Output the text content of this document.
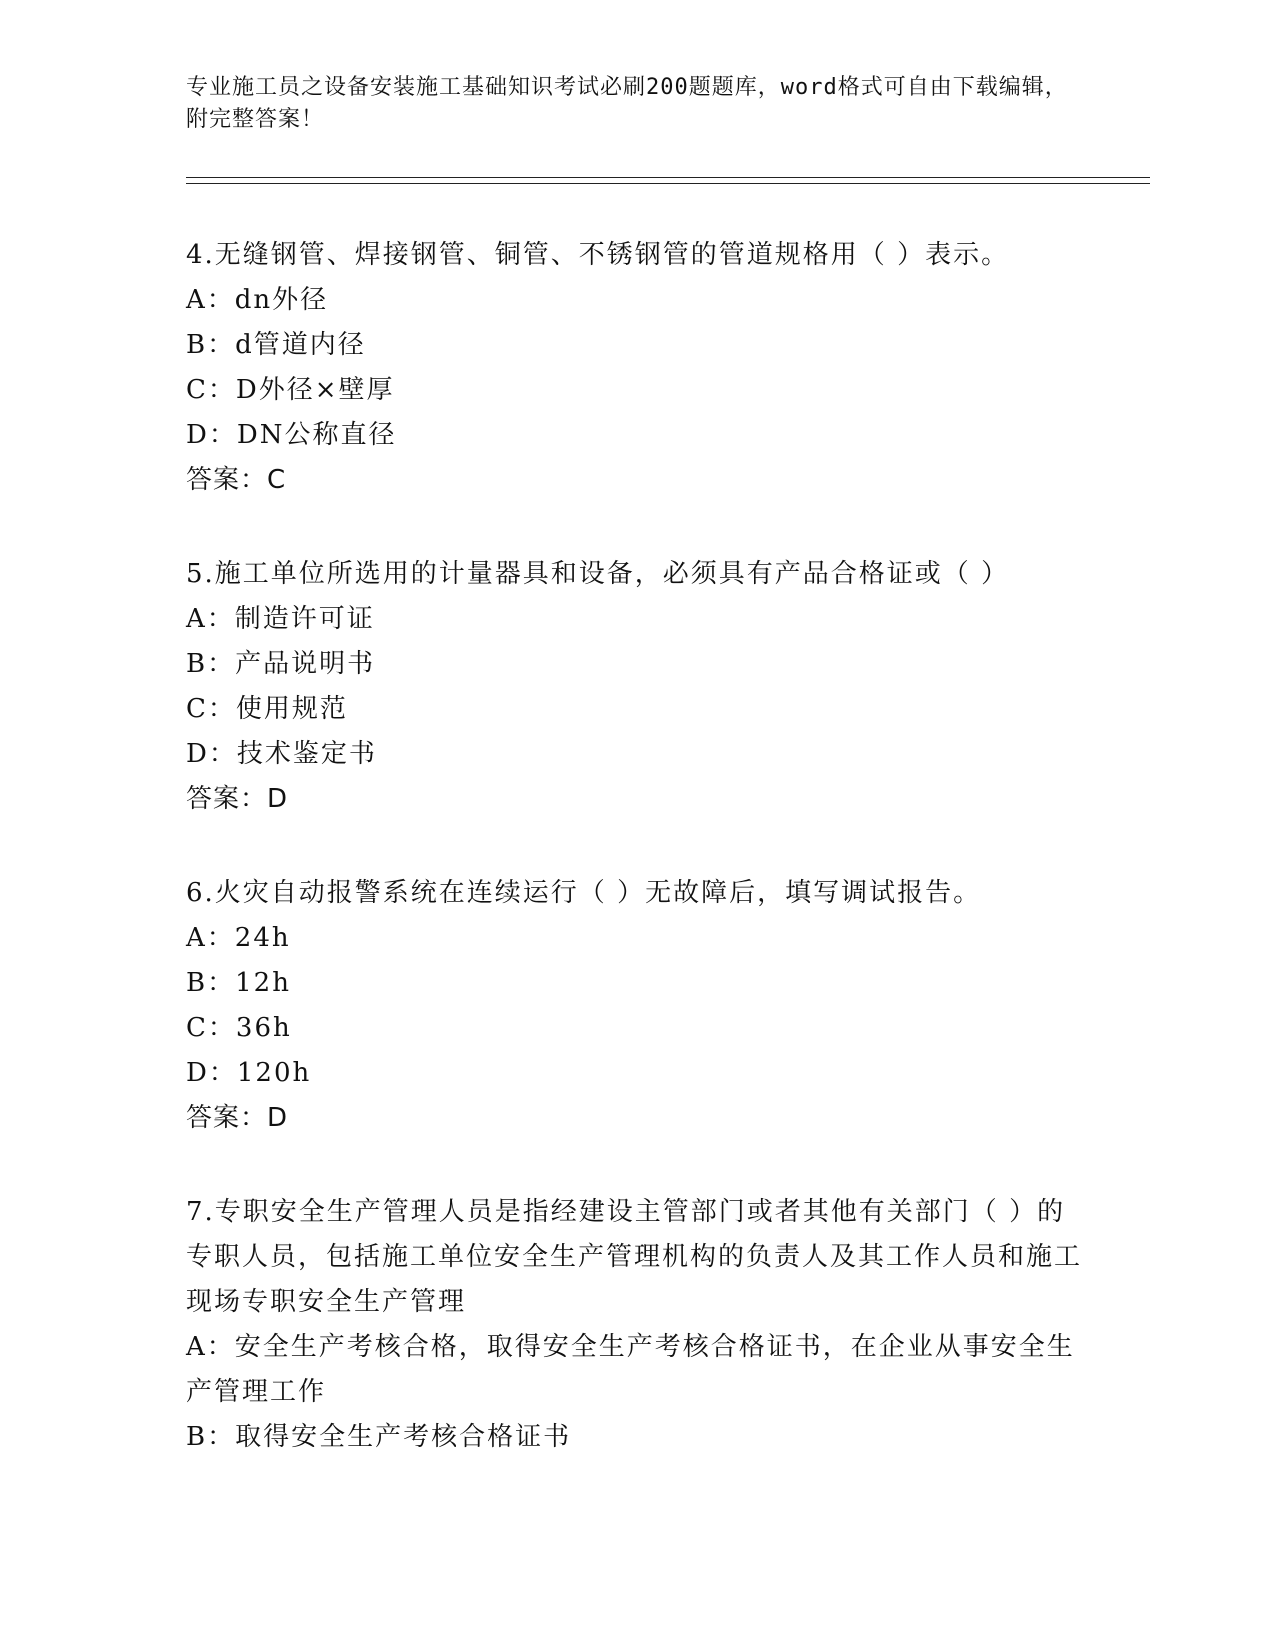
专业施工员之设备安装施工基础知识考试必刷200题题库，word格式可自由下载编辑，附完整答案！

4.无缝钢管、焊接钢管、铜管、不锈钢管的管道规格用（ ）表示。

A：dn外径

B：d管道内径

C：D外径×壁厚

D：DN公称直径

答案：C

5.施工单位所选用的计量器具和设备，必须具有产品合格证或（ ）

A：制造许可证

B：产品说明书

C：使用规范

D：技术鉴定书

答案：D

6.火灾自动报警系统在连续运行（ ）无故障后，填写调试报告。

A：24h

B：12h

C：36h

D：120h

答案：D

7.专职安全生产管理人员是指经建设主管部门或者其他有关部门（ ）的专职人员，包括施工单位安全生产管理机构的负责人及其工作人员和施工现场专职安全生产管理

A：安全生产考核合格，取得安全生产考核合格证书，在企业从事安全生产管理工作

B：取得安全生产考核合格证书
